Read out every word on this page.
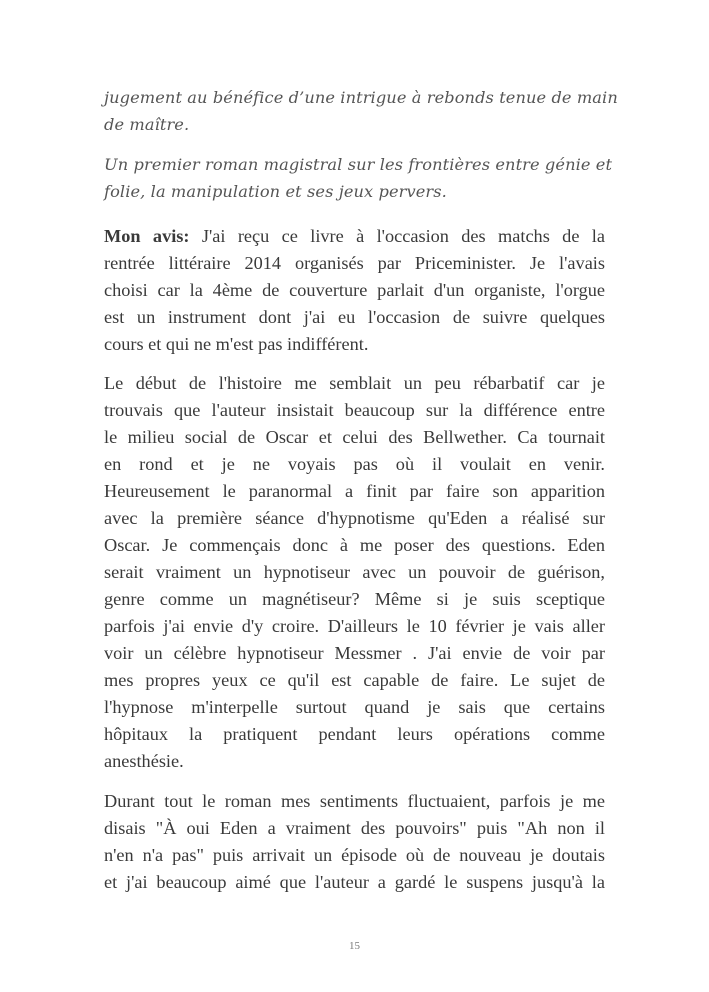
jugement au bénéfice d’une intrigue à rebonds tenue de main
de maître.

Un premier roman magistral sur les frontières entre génie et
folie, la manipulation et ses jeux pervers.

Mon avis: J'ai reçu ce livre à l'occasion des matchs de la
rentrée littéraire 2014 organisés par Priceminister. Je l'avais
choisi car la 4ème de couverture parlait d'un organiste, l'orgue
est un instrument dont j'ai eu l'occasion de suivre quelques
cours et qui ne m'est pas indifférent.

Le début de l'histoire me semblait un peu rébarbatif car je
trouvais que l'auteur insistait beaucoup sur la différence entre
le milieu social de Oscar et celui des Bellwether. Ca tournait
en rond et je ne voyais pas où il voulait en venir.
Heureusement le paranormal a finit par faire son apparition
avec la première séance d'hypnotisme qu'Eden a réalisé sur
Oscar. Je commençais donc à me poser des questions. Eden
serait vraiment un hypnotiseur avec un pouvoir de guérison,
genre comme un magnétiseur? Même si je suis sceptique
parfois j'ai envie d'y croire. D'ailleurs le 10 février je vais aller
voir un célèbre hypnotiseur Messmer . J'ai envie de voir par
mes propres yeux ce qu'il est capable de faire. Le sujet de
l'hypnose m'interpelle surtout quand je sais que certains
hôpitaux la pratiquent pendant leurs opérations comme
anesthésie.

Durant tout le roman mes sentiments fluctuaient, parfois je me
disais "À oui Eden a vraiment des pouvoirs" puis "Ah non il
n'en n'a pas" puis arrivait un épisode où de nouveau je doutais
et j'ai beaucoup aimé que l'auteur a gardé le suspens jusqu'à la

15
